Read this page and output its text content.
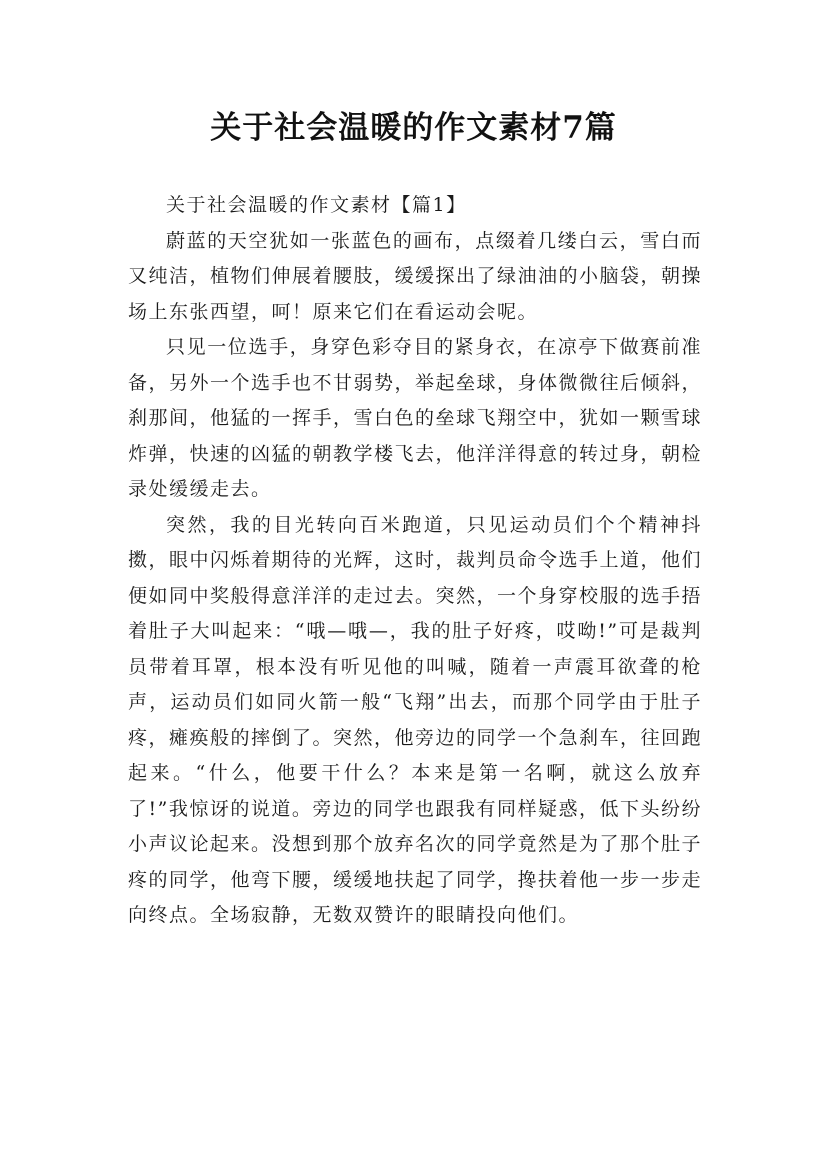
关于社会温暖的作文素材7篇

关于社会温暖的作文素材【篇1】

蔚蓝的天空犹如一张蓝色的画布，点缀着几缕白云，雪白而又纯洁，植物们伸展着腰肢，缓缓探出了绿油油的小脑袋，朝操场上东张西望，呵！原来它们在看运动会呢。

只见一位选手，身穿色彩夺目的紧身衣，在凉亭下做赛前准备，另外一个选手也不甘弱势，举起垒球，身体微微往后倾斜，刹那间，他猛的一挥手，雪白色的垒球飞翔空中，犹如一颗雪球炸弹，快速的凶猛的朝教学楼飞去，他洋洋得意的转过身，朝检录处缓缓走去。

突然，我的目光转向百米跑道，只见运动员们个个精神抖擞，眼中闪烁着期待的光辉，这时，裁判员命令选手上道，他们便如同中奖般得意洋洋的走过去。突然，一个身穿校服的选手捂着肚子大叫起来：“哦—哦—，我的肚子好疼，哎呦!”可是裁判员带着耳罩，根本没有听见他的叫喊，随着一声震耳欲聋的枪声，运动员们如同火箭一般“飞翔”出去，而那个同学由于肚子疼，瘫痪般的摔倒了。突然，他旁边的同学一个急刹车，往回跑起来。“什么，他要干什么？本来是第一名啊，就这么放弃了!”我惊讶的说道。旁边的同学也跟我有同样疑惑，低下头纷纷小声议论起来。没想到那个放弃名次的同学竟然是为了那个肚子疼的同学，他弯下腰，缓缓地扶起了同学，搀扶着他一步一步走向终点。全场寂静，无数双赞许的眼睛投向他们。
